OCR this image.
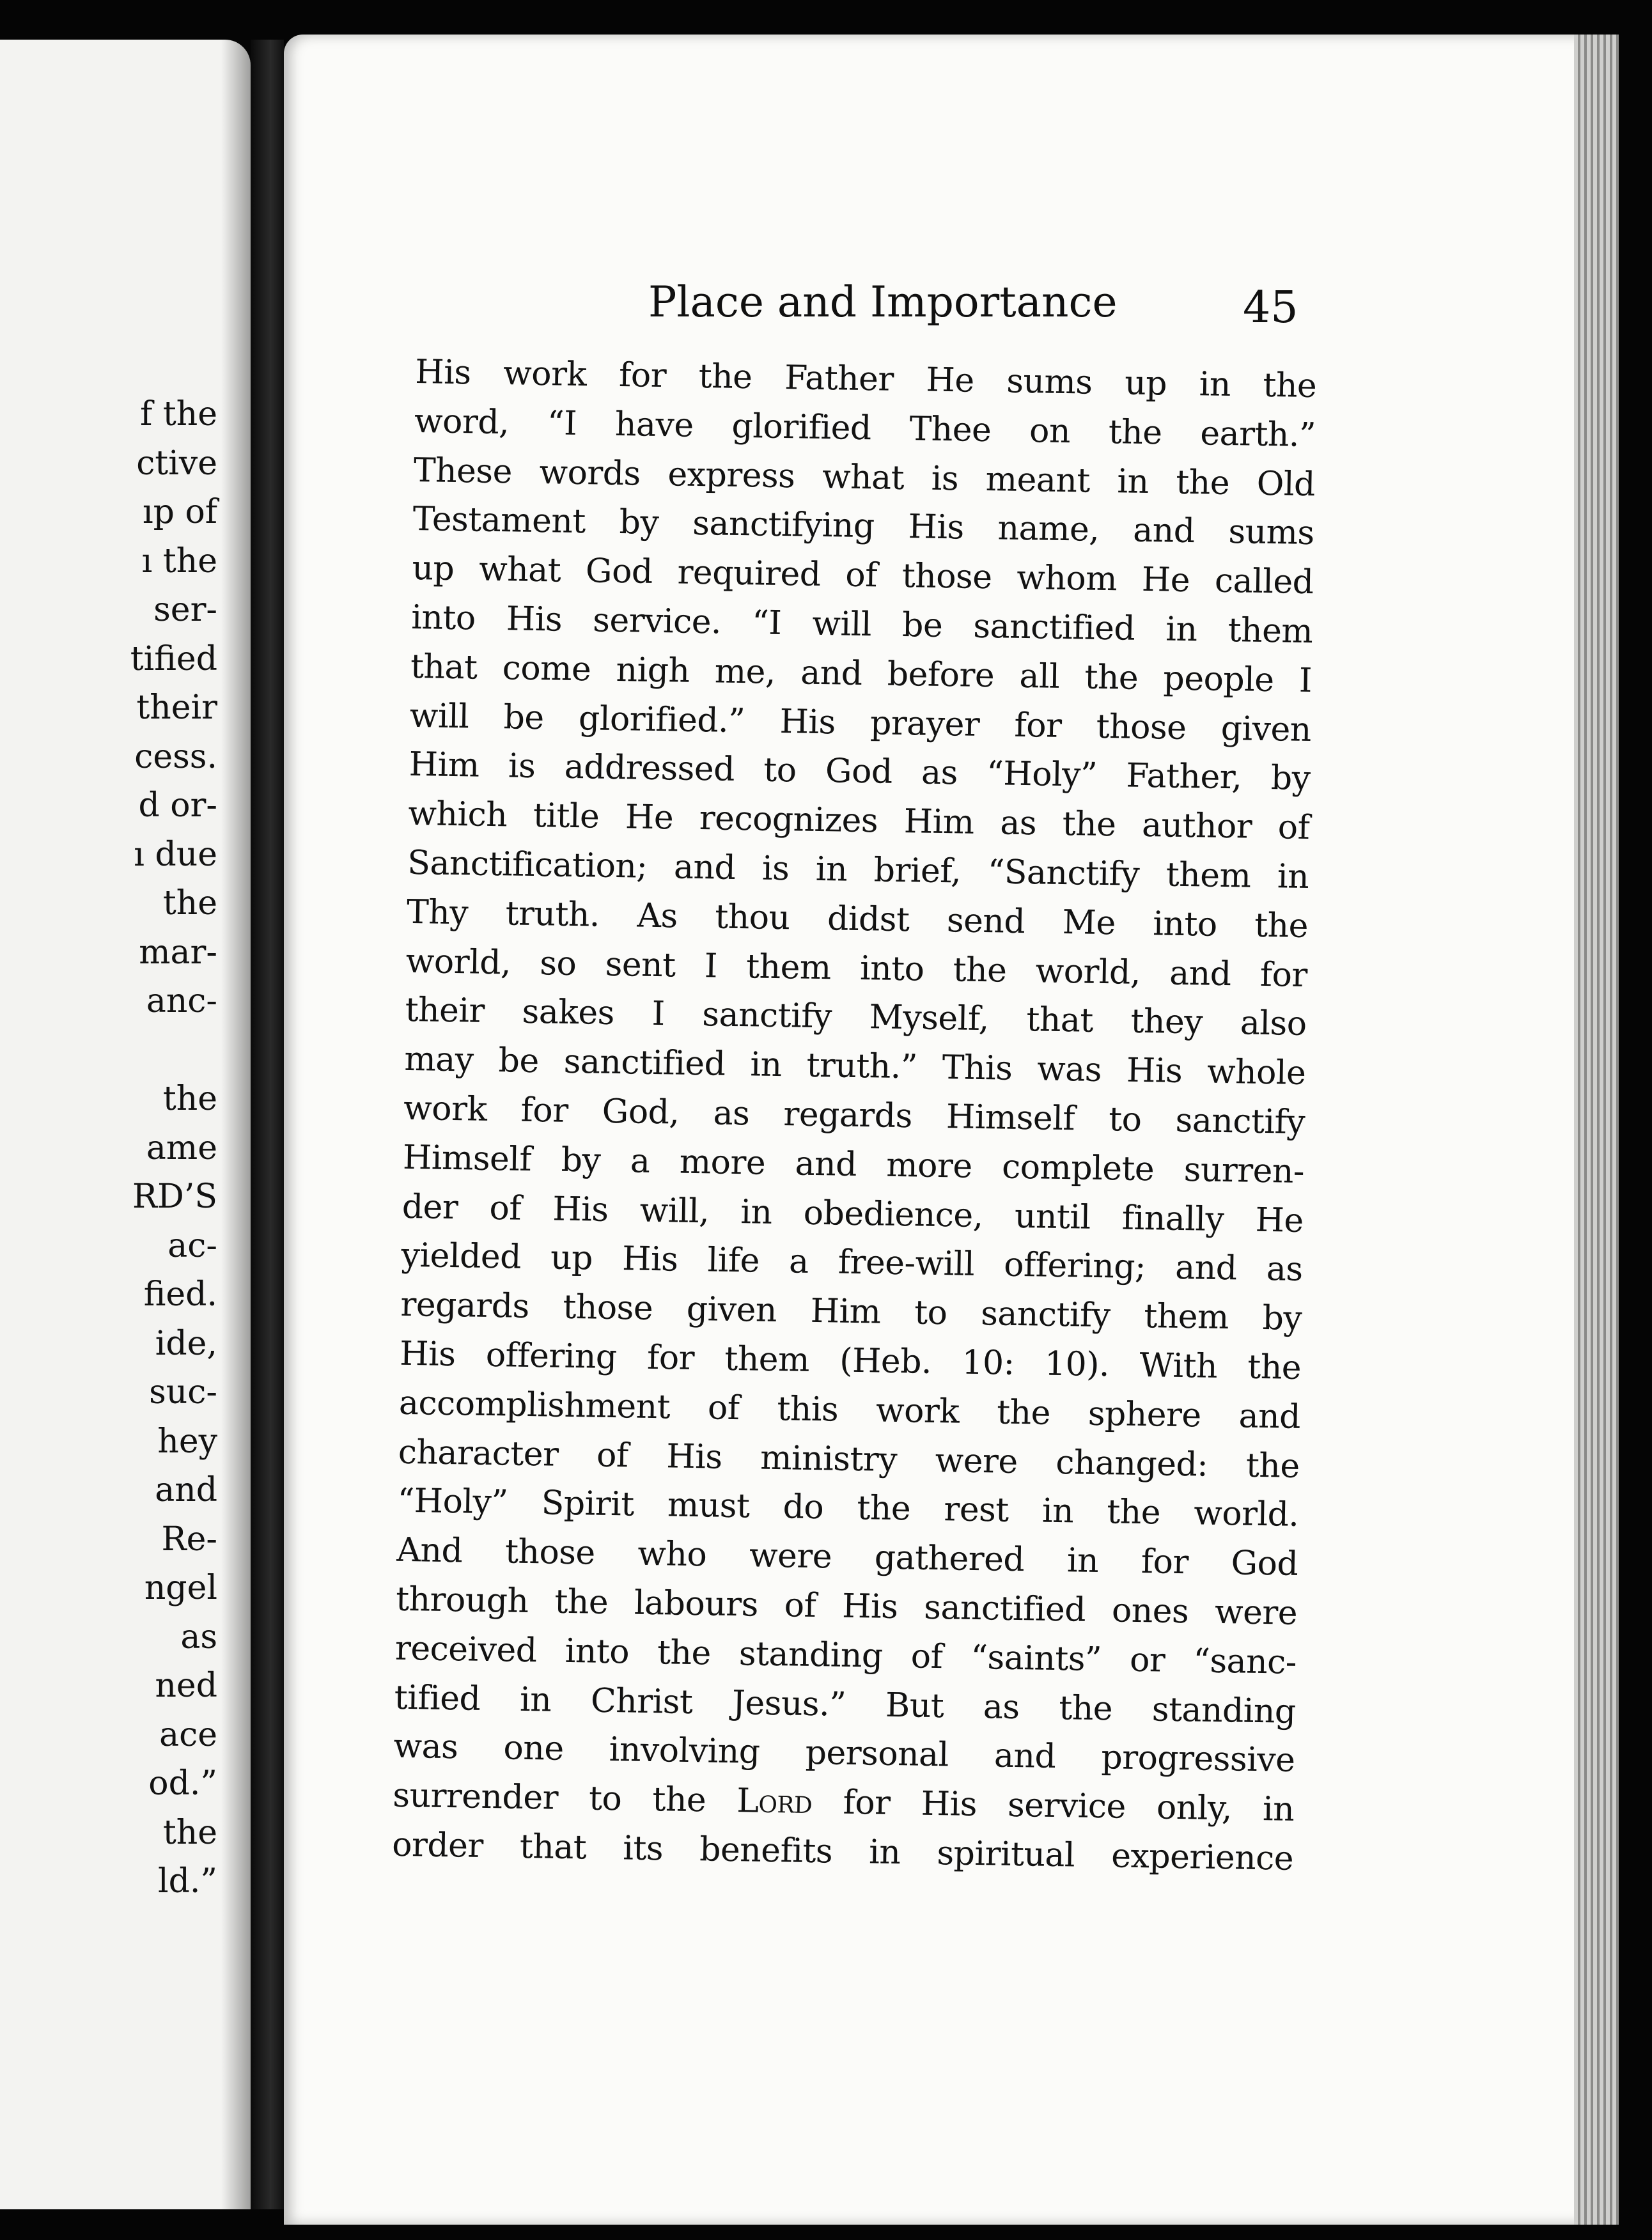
f the
ctive
ıp of
ı the
ser-
tified
their
cess.
d or-
ı due
the
mar-
anc-
the
ame
RD’S
ac-
fied.
ide,
suc-
hey
and
Re-
ngel
as
ned
ace
od.”
the
ld.”
Place and Importance	45
His work for the Father He sums up in the
word, “I have glorified Thee on the earth.”
These words express what is meant in the Old
Testament by sanctifying His name, and sums
up what God required of those whom He called
into His service. “I will be sanctified in them
that come nigh me, and before all the people I
will be glorified.” His prayer for those given
Him is addressed to God as “Holy” Father, by
which title He recognizes Him as the author of
Sanctification; and is in brief, “Sanctify them in
Thy truth. As thou didst send Me into the
world, so sent I them into the world, and for
their sakes I sanctify Myself, that they also
may be sanctified in truth.” This was His whole
work for God, as regards Himself to sanctify
Himself by a more and more complete surren-
der of His will, in obedience, until finally He
yielded up His life a free-will offering; and as
regards those given Him to sanctify them by
His offering for them (Heb. 10: 10). With the
accomplishment of this work the sphere and
character of His ministry were changed: the
“Holy” Spirit must do the rest in the world.
And those who were gathered in for God
through the labours of His sanctified ones were
received into the standing of “saints” or “sanc-
tified in Christ Jesus.” But as the standing
was one involving personal and progressive
surrender to the Lord for His service only, in
order that its benefits in spiritual experience
